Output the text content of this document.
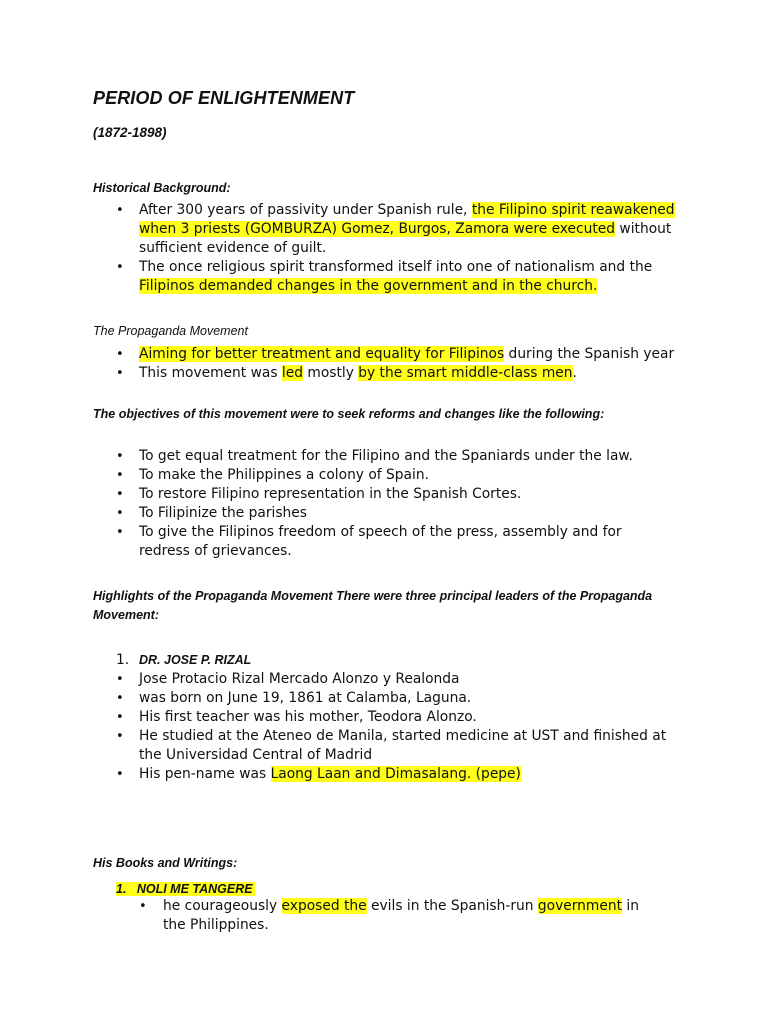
PERIOD OF ENLIGHTENMENT
(1872-1898)
Historical Background:
•	After 300 years of passivity under Spanish rule, the Filipino spirit reawakened when 3 priests (GOMBURZA) Gomez, Burgos, Zamora were executed without sufficient evidence of guilt.
•	The once religious spirit transformed itself into one of nationalism and the Filipinos demanded changes in the government and in the church.
The Propaganda Movement
•	Aiming for better treatment and equality for Filipinos during the Spanish year
•	This movement was led mostly by the smart middle-class men.
The objectives of this movement were to seek reforms and changes like the following:
•	To get equal treatment for the Filipino and the Spaniards under the law.
•	To make the Philippines a colony of Spain.
•	To restore Filipino representation in the Spanish Cortes.
•	To Filipinize the parishes
•	To give the Filipinos freedom of speech of the press, assembly and for redress of grievances.
Highlights of the Propaganda Movement There were three principal leaders of the Propaganda Movement:
1. DR. JOSE P. RIZAL
•	Jose Protacio Rizal Mercado Alonzo y Realonda
•	was born on June 19, 1861 at Calamba, Laguna.
•	His first teacher was his mother, Teodora Alonzo.
•	He studied at the Ateneo de Manila, started medicine at UST and finished at the Universidad Central of Madrid
•	His pen-name was Laong Laan and Dimasalang. (pepe)
His Books and Writings:
1.   NOLI ME TANGERE
• he courageously exposed the evils in the Spanish-run government in the Philippines.
